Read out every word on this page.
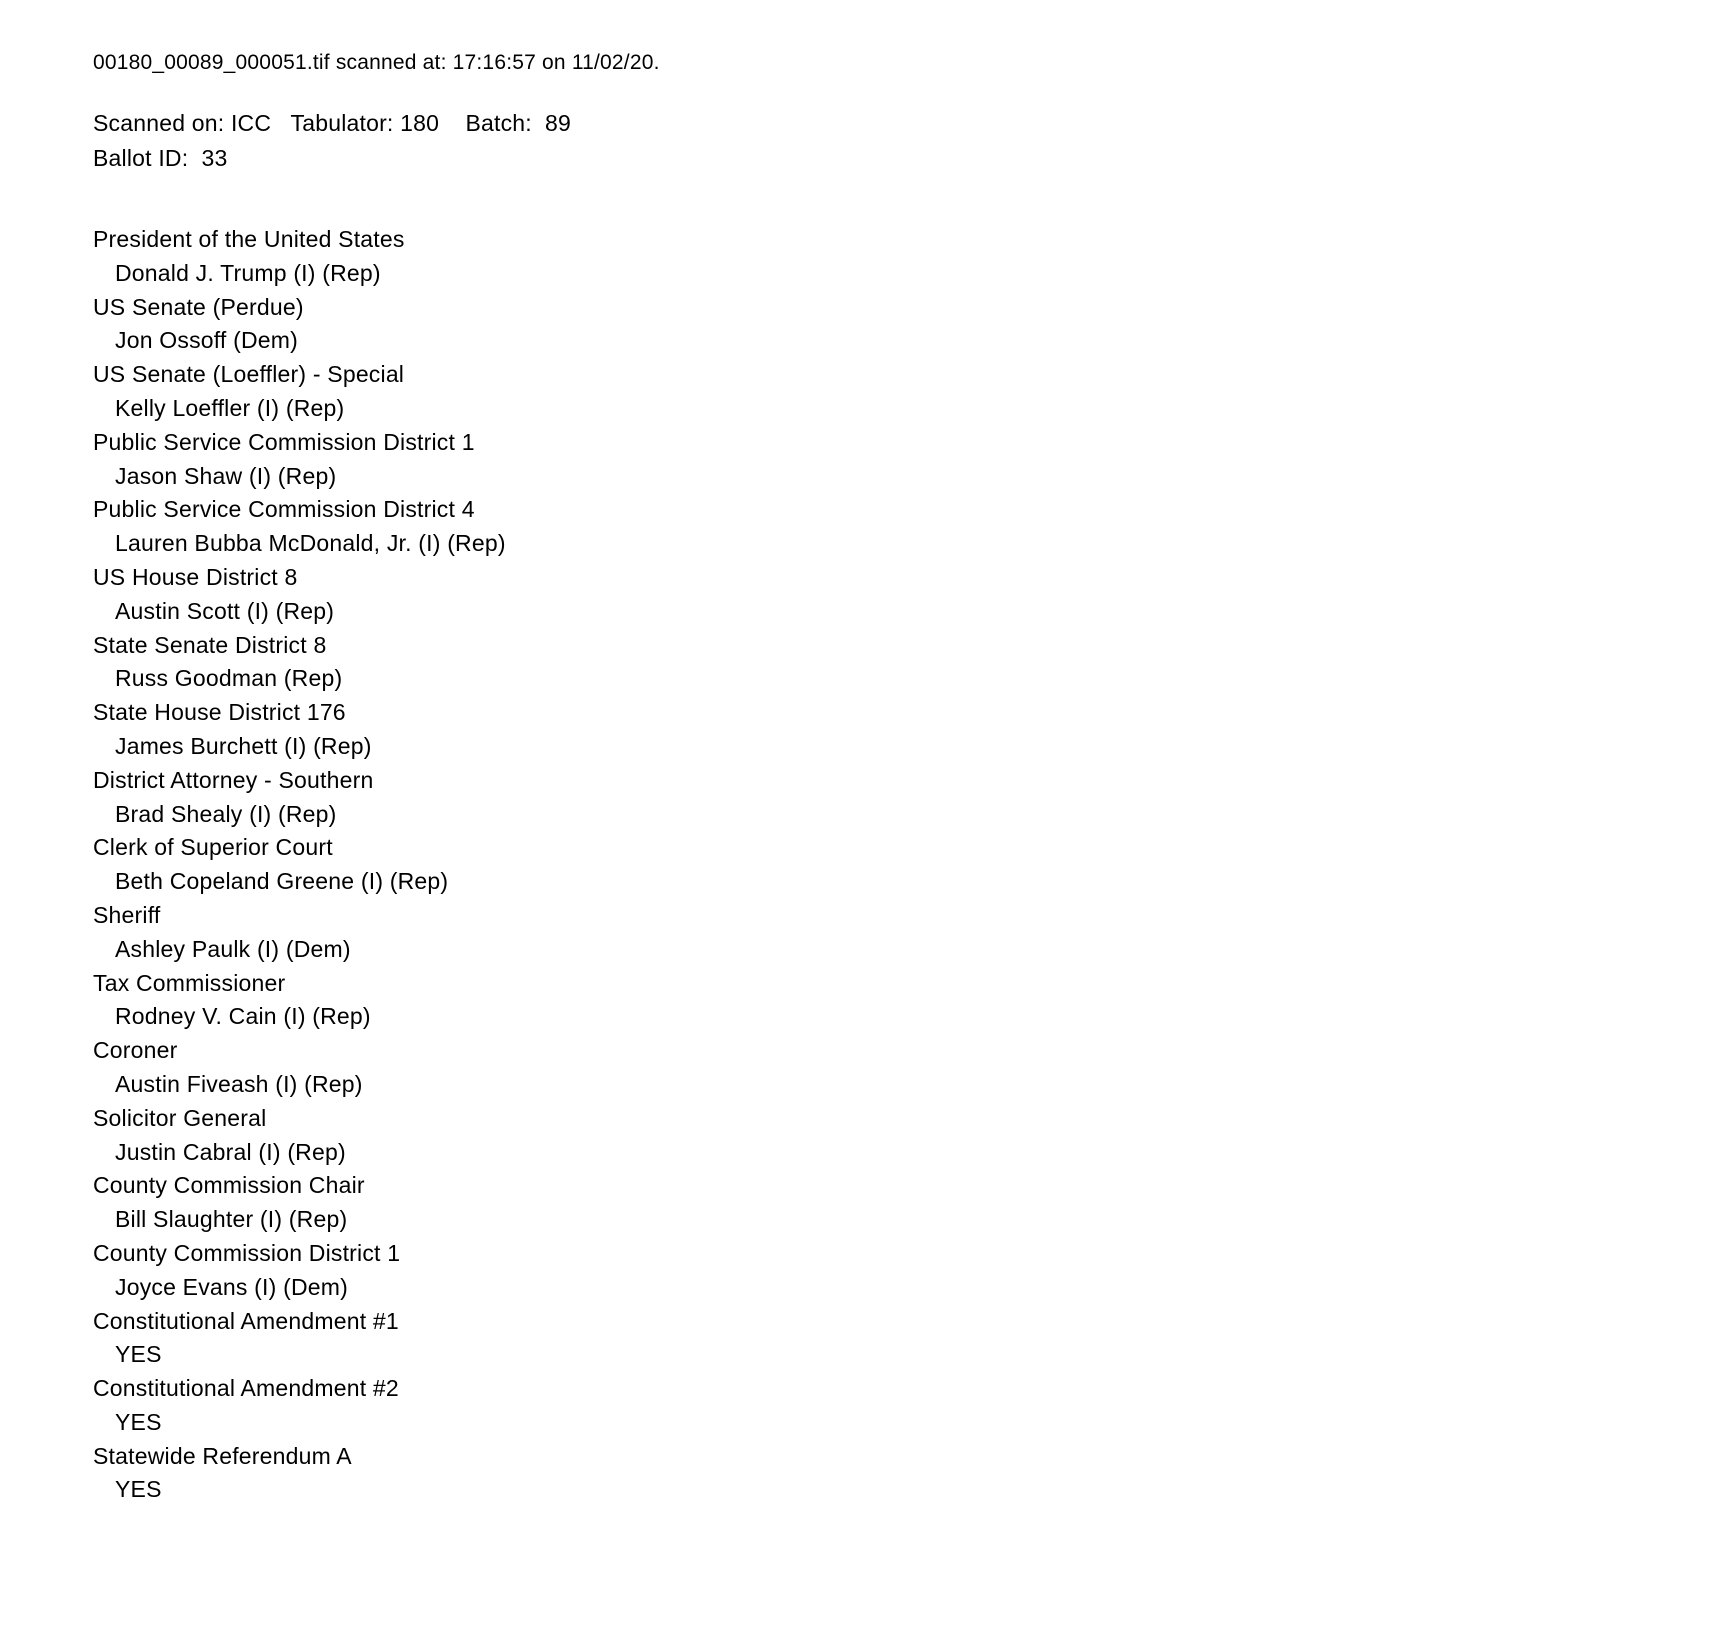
00180_00089_000051.tif scanned at: 17:16:57 on 11/02/20.
Scanned on: ICC   Tabulator: 180    Batch:  89
Ballot ID:  33
President of the United States
Donald J. Trump (I) (Rep)
US Senate (Perdue)
Jon Ossoff (Dem)
US Senate (Loeffler) - Special
Kelly Loeffler (I) (Rep)
Public Service Commission District 1
Jason Shaw (I) (Rep)
Public Service Commission District 4
Lauren Bubba McDonald, Jr. (I) (Rep)
US House District 8
Austin Scott (I) (Rep)
State Senate District 8
Russ Goodman (Rep)
State House District 176
James Burchett (I) (Rep)
District Attorney - Southern
Brad Shealy (I) (Rep)
Clerk of Superior Court
Beth Copeland Greene (I) (Rep)
Sheriff
Ashley Paulk (I) (Dem)
Tax Commissioner
Rodney V. Cain (I) (Rep)
Coroner
Austin Fiveash (I) (Rep)
Solicitor General
Justin Cabral (I) (Rep)
County Commission Chair
Bill Slaughter (I) (Rep)
County Commission District 1
Joyce Evans (I) (Dem)
Constitutional Amendment #1
YES
Constitutional Amendment #2
YES
Statewide Referendum A
YES
